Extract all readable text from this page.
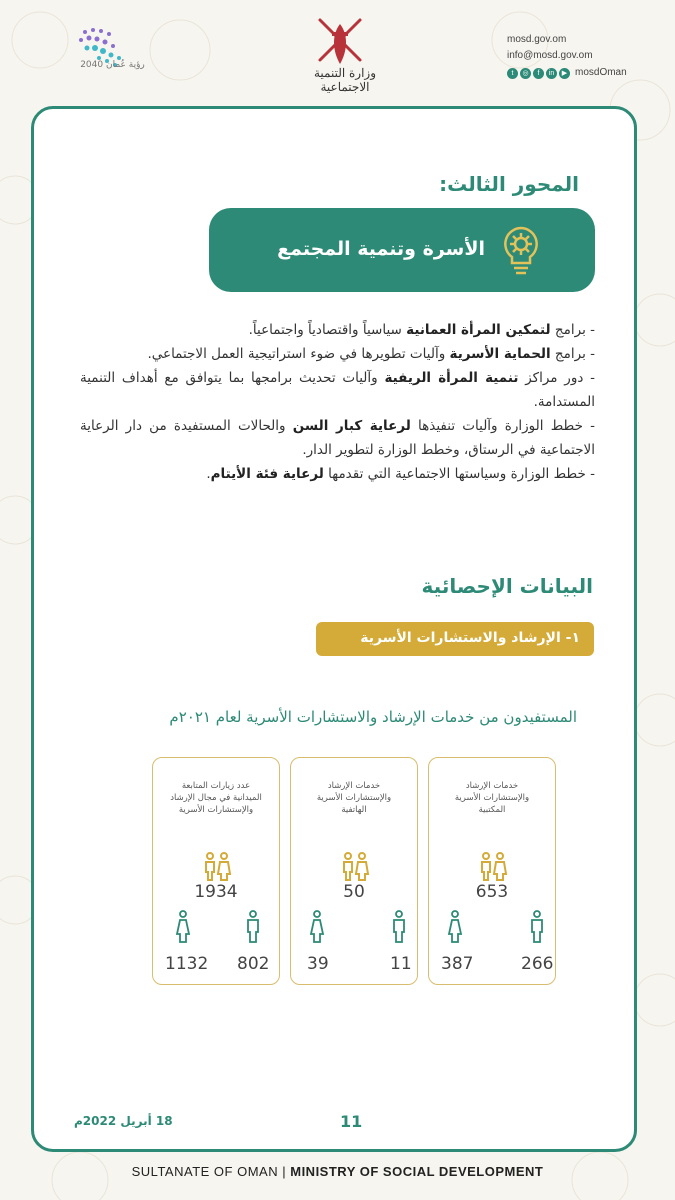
mosd.gov.om
info@mosd.gov.om
t	◎	f	in	▶ mosdOman
وزارة التنمية الاجتماعية
رؤية عُمان 2040
المحور الثالث:
الأسرة وتنمية المجتمع

- برامج لتمكين المرأة العمانية سياسياً واقتصادياً واجتماعياً.

- برامج الحماية الأسرية وآليات تطويرها في ضوء استراتيجية العمل الاجتماعي.

- دور مراكز تنمية المرأة الريفية وآليات تحديث برامجها بما يتوافق مع أهداف التنمية المستدامة.

- خطط الوزارة وآليات تنفيذها لرعاية كبار السن والحالات المستفيدة من دار الرعاية الاجتماعية في الرستاق، وخطط الوزارة لتطوير الدار.

- خطط الوزارة وسياستها الاجتماعية التي تقدمها لرعاية فئة الأيتام.

البيانات الإحصائية
١- الإرشاد والاستشارات الأسرية
المستفيدون من خدمات الإرشاد والاستشارات الأسرية لعام ٢٠٢١م
خدمات الإرشاد والإستشارات الأسرية المكتبية
653
387	266
خدمات الإرشاد والإستشارات الأسرية الهاتفية
50
39	11
عدد زيارات المتابعة الميدانية في مجال الإرشاد والإستشارات الأسرية
1934
1132 802
11
18 أبريل 2022م
SULTANATE OF OMAN | MINISTRY OF SOCIAL DEVELOPMENT
